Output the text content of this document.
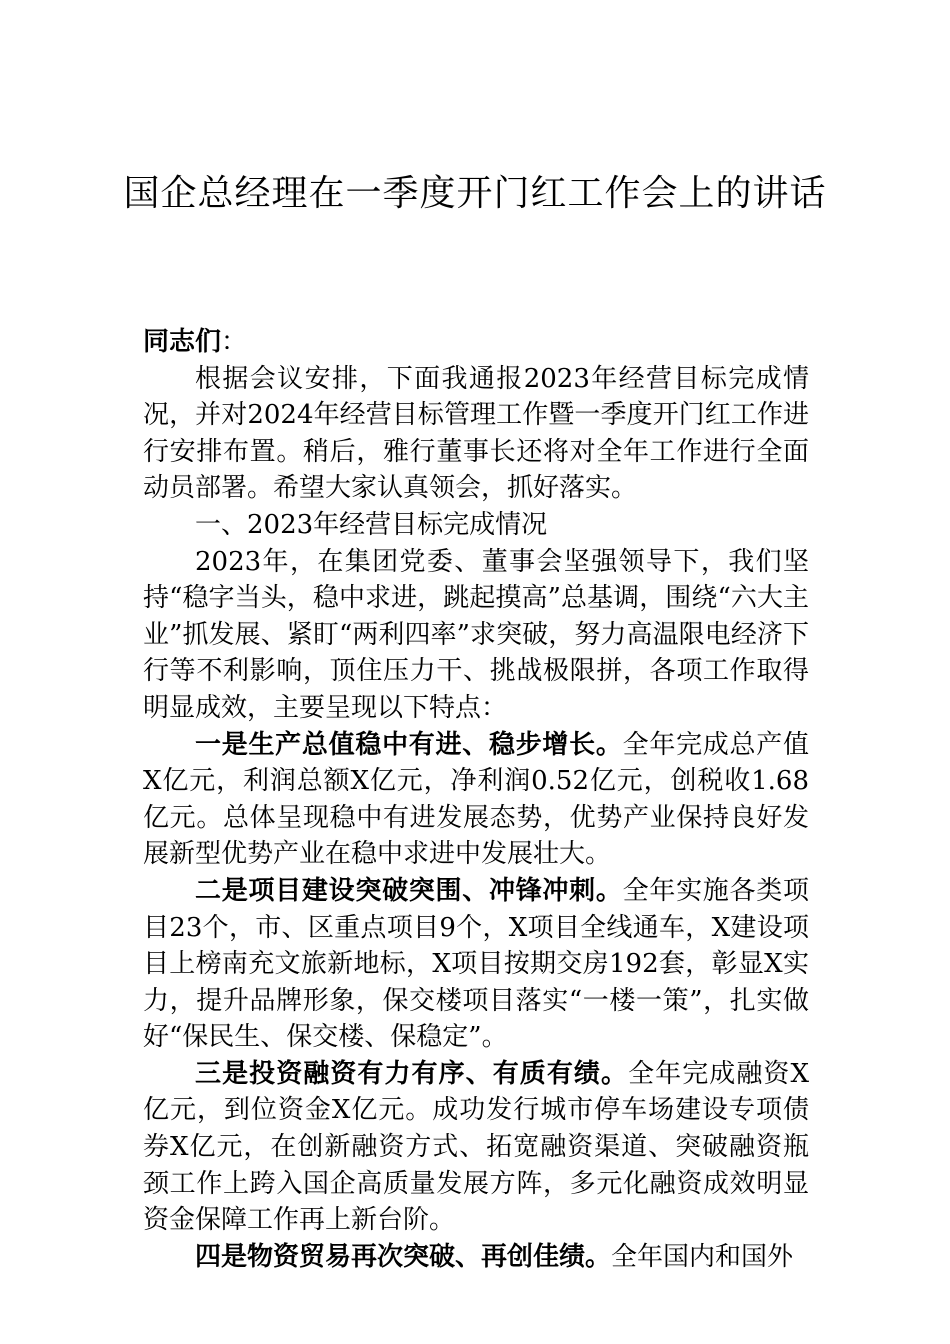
国企总经理在一季度开门红工作会上的讲话

同志们：

根据会议安排，下面我通报2023年经营目标完成情况，并对2024年经营目标管理工作暨一季度开门红工作进行安排布置。稍后，雅行董事长还将对全年工作进行全面动员部署。希望大家认真领会，抓好落实。

一、2023年经营目标完成情况

2023年，在集团党委、董事会坚强领导下，我们坚持“稳字当头，稳中求进，跳起摸高”总基调，围绕“六大主业”抓发展、紧盯“两利四率”求突破，努力高温限电经济下行等不利影响，顶住压力干、挑战极限拼，各项工作取得明显成效，主要呈现以下特点：

一是生产总值稳中有进、稳步增长。全年完成总产值X亿元，利润总额X亿元，净利润0.52亿元，创税收1.68亿元。总体呈现稳中有进发展态势，优势产业保持良好发展新型优势产业在稳中求进中发展壮大。

二是项目建设突破突围、冲锋冲刺。全年实施各类项目23个，市、区重点项目9个，X项目全线通车，X建设项目上榜南充文旅新地标，X项目按期交房192套，彰显X实力，提升品牌形象，保交楼项目落实“一楼一策”，扎实做好“保民生、保交楼、保稳定”。

三是投资融资有力有序、有质有绩。全年完成融资X亿元，到位资金X亿元。成功发行城市停车场建设专项债券X亿元，在创新融资方式、拓宽融资渠道、突破融资瓶颈工作上跨入国企高质量发展方阵，多元化融资成效明显资金保障工作再上新台阶。

四是物资贸易再次突破、再创佳绩。全年国内和国外
